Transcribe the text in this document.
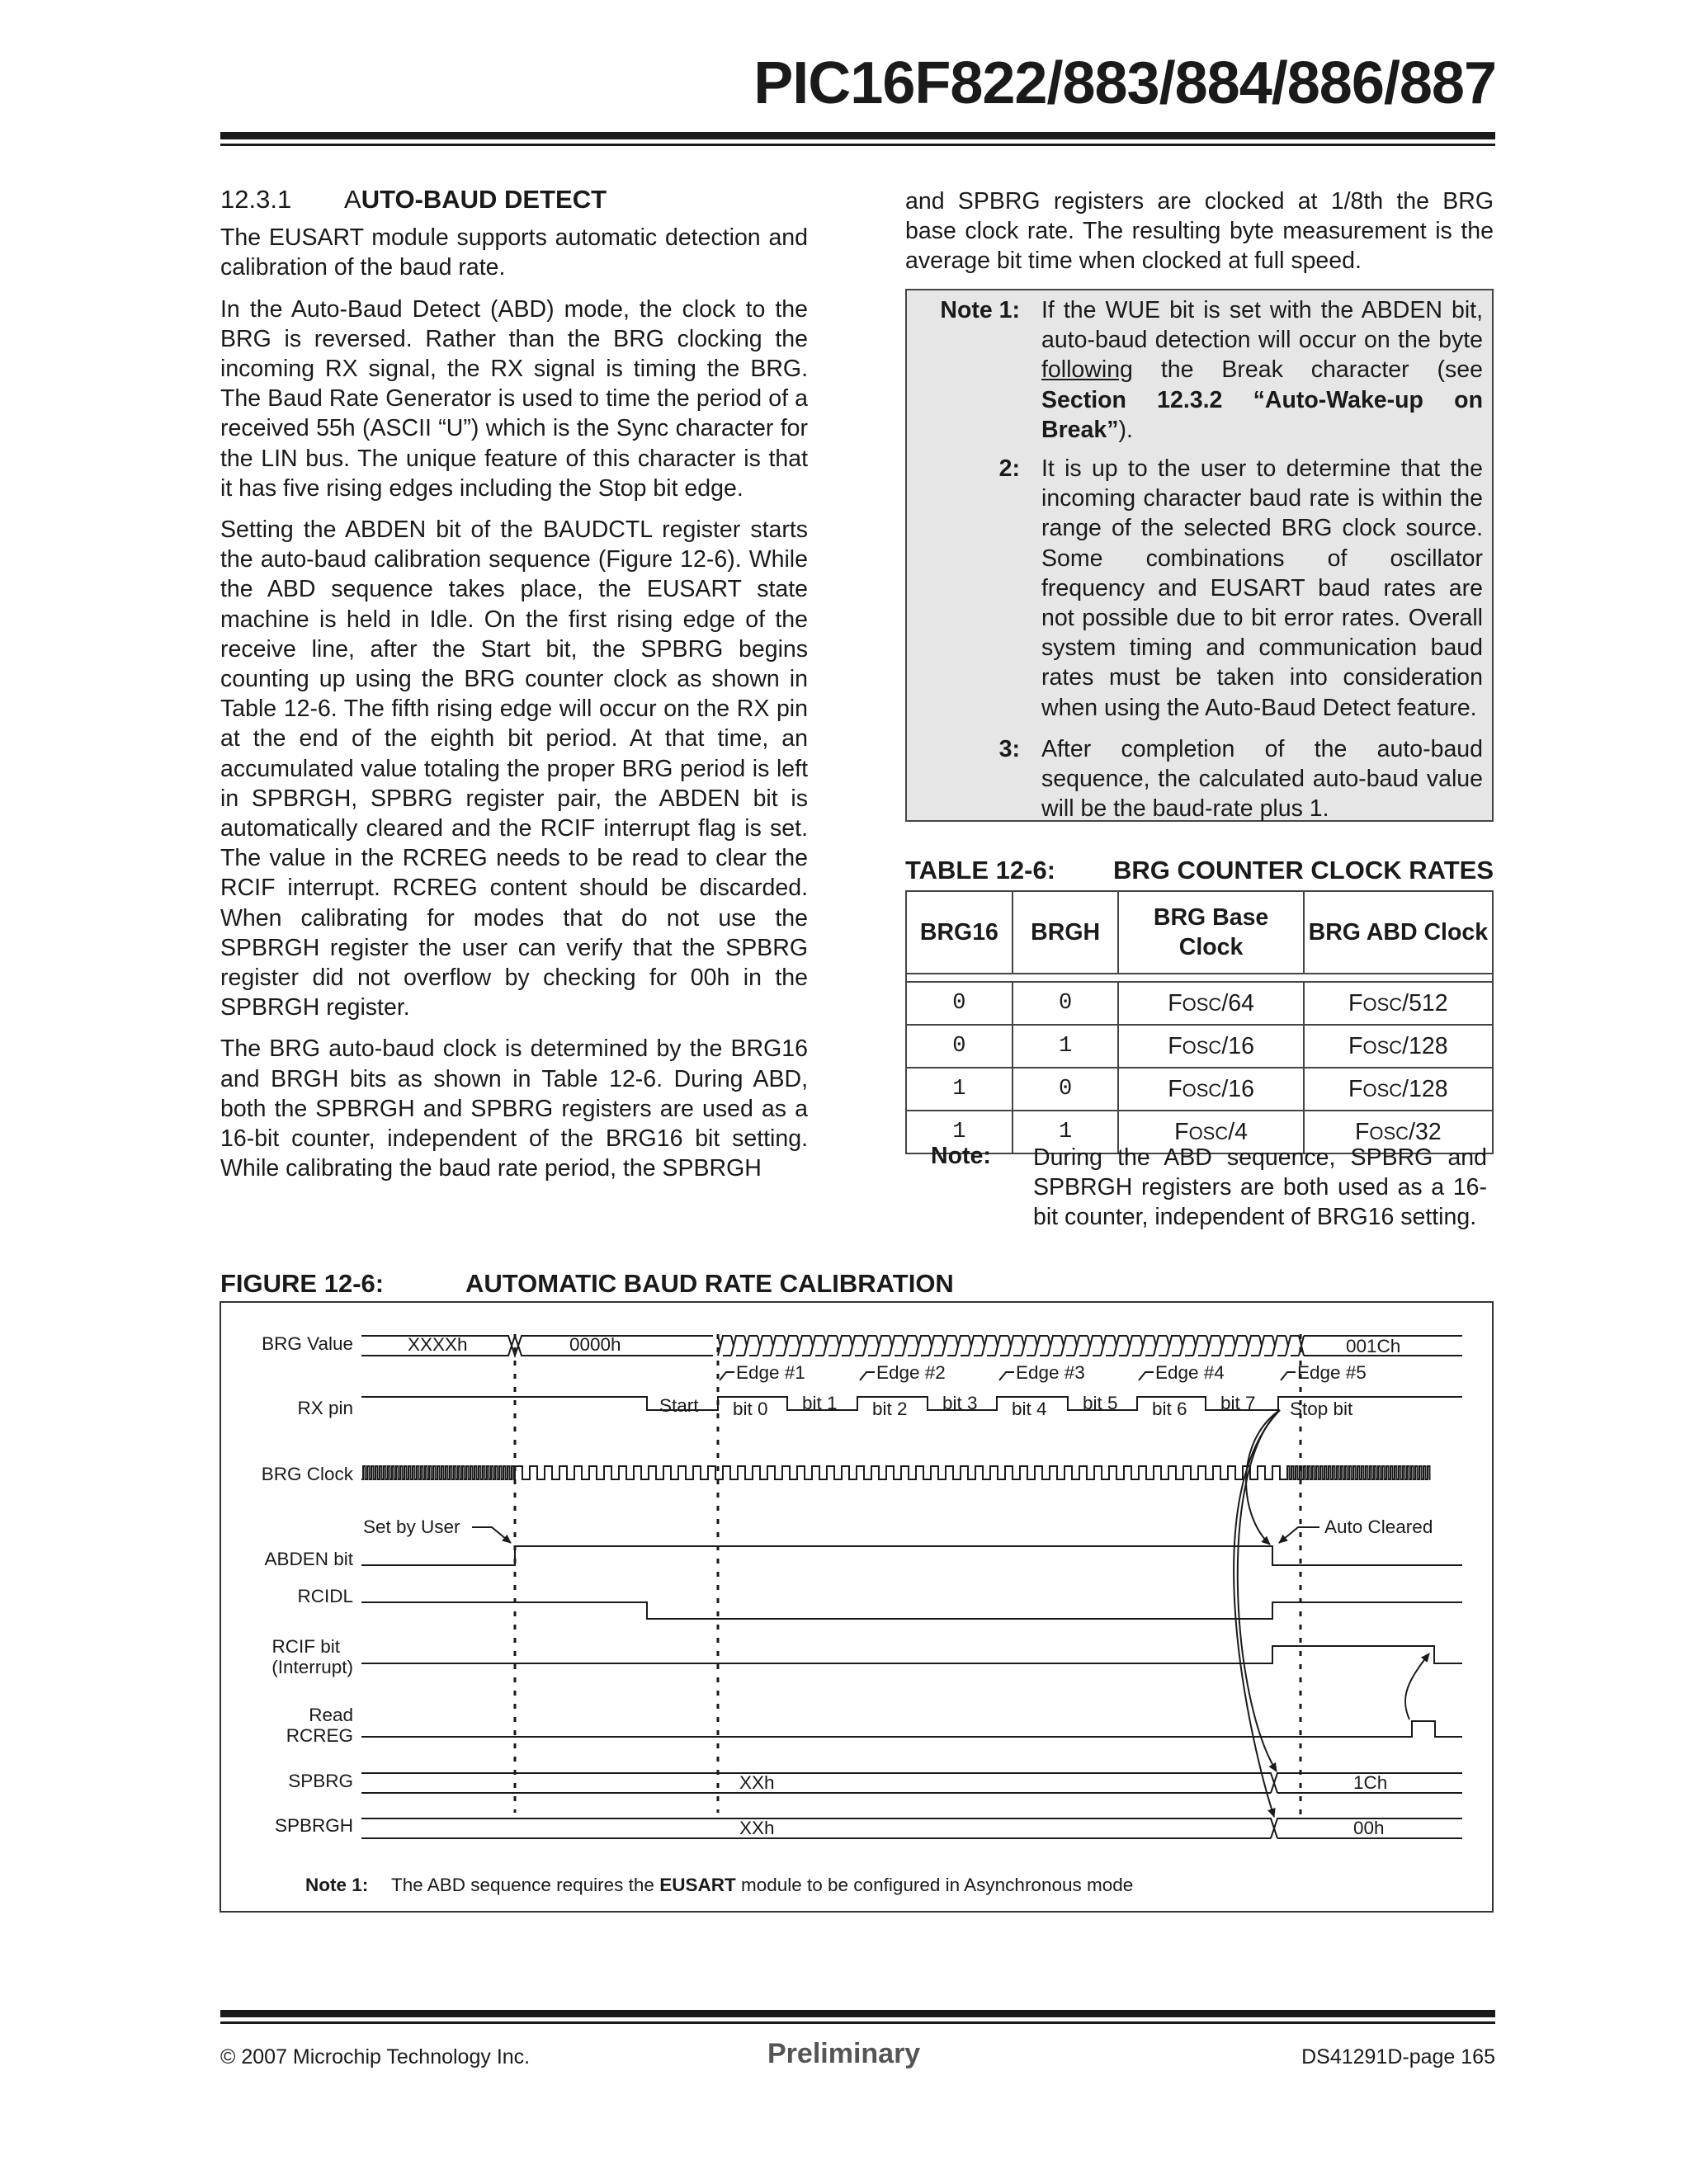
PIC16F822/883/884/886/887
12.3.1 AUTO-BAUD DETECT

The EUSART module supports automatic detection and calibration of the baud rate.

In the Auto-Baud Detect (ABD) mode, the clock to the BRG is reversed. Rather than the BRG clocking the incoming RX signal, the RX signal is timing the BRG. The Baud Rate Generator is used to time the period of a received 55h (ASCII “U”) which is the Sync character for the LIN bus. The unique feature of this character is that it has five rising edges including the Stop bit edge.

Setting the ABDEN bit of the BAUDCTL register starts the auto-baud calibration sequence (Figure 12-6). While the ABD sequence takes place, the EUSART state machine is held in Idle. On the first rising edge of the receive line, after the Start bit, the SPBRG begins counting up using the BRG counter clock as shown in Table 12-6. The fifth rising edge will occur on the RX pin at the end of the eighth bit period. At that time, an accumulated value totaling the proper BRG period is left in SPBRGH, SPBRG register pair, the ABDEN bit is automatically cleared and the RCIF interrupt flag is set. The value in the RCREG needs to be read to clear the RCIF interrupt. RCREG content should be discarded. When calibrating for modes that do not use the SPBRGH register the user can verify that the SPBRG register did not overflow by checking for 00h in the SPBRGH register.

The BRG auto-baud clock is determined by the BRG16 and BRGH bits as shown in Table 12-6. During ABD, both the SPBRGH and SPBRG registers are used as a 16-bit counter, independent of the BRG16 bit setting. While calibrating the baud rate period, the SPBRGH

and SPBRG registers are clocked at 1/8th the BRG base clock rate. The resulting byte measurement is the average bit time when clocked at full speed.

Note 1: If the WUE bit is set with the ABDEN bit, auto-baud detection will occur on the byte following the Break character (see Section 12.3.2 “Auto-Wake-up on Break”).
2: It is up to the user to determine that the incoming character baud rate is within the range of the selected BRG clock source. Some combinations of oscillator frequency and EUSART baud rates are not possible due to bit error rates. Overall system timing and communication baud rates must be taken into consideration when using the Auto-Baud Detect feature.
3: After completion of the auto-baud sequence, the calculated auto-baud value will be the baud-rate plus 1.
TABLE 12-6: BRG COUNTER CLOCK RATES
BRG16	BRGH	BRG Base Clock	BRG ABD Clock

0	0	FOSC/64	FOSC/512
0	1	FOSC/16	FOSC/128
1	0	FOSC/16	FOSC/128
1	1	FOSC/4	FOSC/32
Note: During the ABD sequence, SPBRG and SPBRGH registers are both used as a 16-bit counter, independent of BRG16 setting.
FIGURE 12-6:	AUTOMATIC BAUD RATE CALIBRATION
BRG Value
RX pin
BRG Clock
ABDEN bit
RCIDL
RCIF bit
(Interrupt)
Read
RCREG
SPBRG
SPBRGH
XXXXh	0000h	001Ch
XXh	1Ch
XXh	00h
Edge #1	Edge #2	Edge #3	Edge #4	Edge #5
Start bit 0 bit 1 bit 2 bit 3 bit 4 bit 5 bit 6 bit 7 Stop bit
Set by User	Auto Cleared
Note 1: The ABD sequence requires the EUSART module to be configured in Asynchronous mode
© 2007 Microchip Technology Inc.	Preliminary	DS41291D-page 165
